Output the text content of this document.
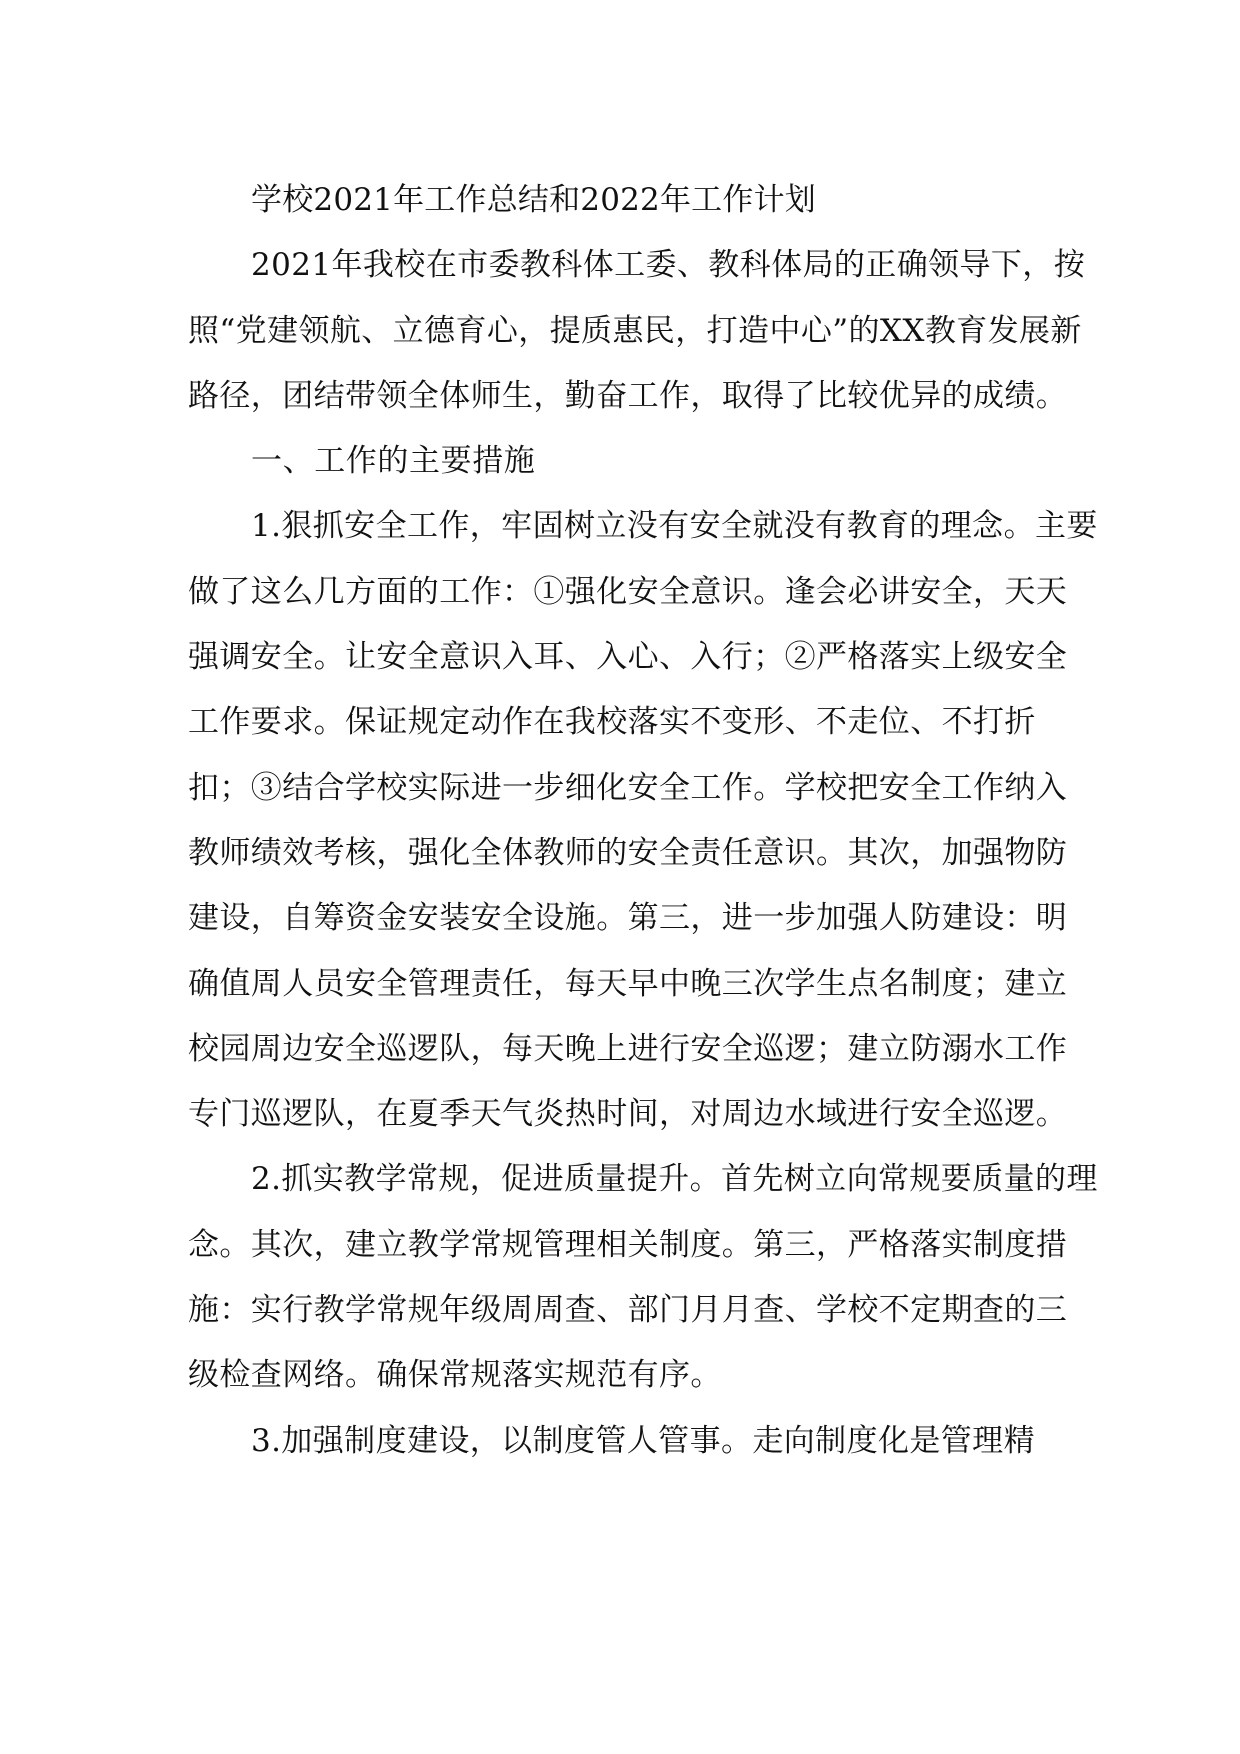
学校2021年工作总结和2022年工作计划

2021年我校在市委教科体工委、教科体局的正确领导下，按照“党建领航、立德育心，提质惠民，打造中心”的XX教育发展新路径，团结带领全体师生，勤奋工作，取得了比较优异的成绩。

一、工作的主要措施

1.狠抓安全工作，牢固树立没有安全就没有教育的理念。主要做了这么几方面的工作：①强化安全意识。逢会必讲安全，天天强调安全。让安全意识入耳、入心、入行；②严格落实上级安全工作要求。保证规定动作在我校落实不变形、不走位、不打折扣；③结合学校实际进一步细化安全工作。学校把安全工作纳入教师绩效考核，强化全体教师的安全责任意识。其次，加强物防建设，自筹资金安装安全设施。第三，进一步加强人防建设：明确值周人员安全管理责任，每天早中晚三次学生点名制度；建立校园周边安全巡逻队，每天晚上进行安全巡逻；建立防溺水工作专门巡逻队，在夏季天气炎热时间，对周边水域进行安全巡逻。

2.抓实教学常规，促进质量提升。首先树立向常规要质量的理念。其次，建立教学常规管理相关制度。第三，严格落实制度措施：实行教学常规年级周周查、部门月月查、学校不定期查的三级检查网络。确保常规落实规范有序。

3.加强制度建设，以制度管人管事。走向制度化是管理精
